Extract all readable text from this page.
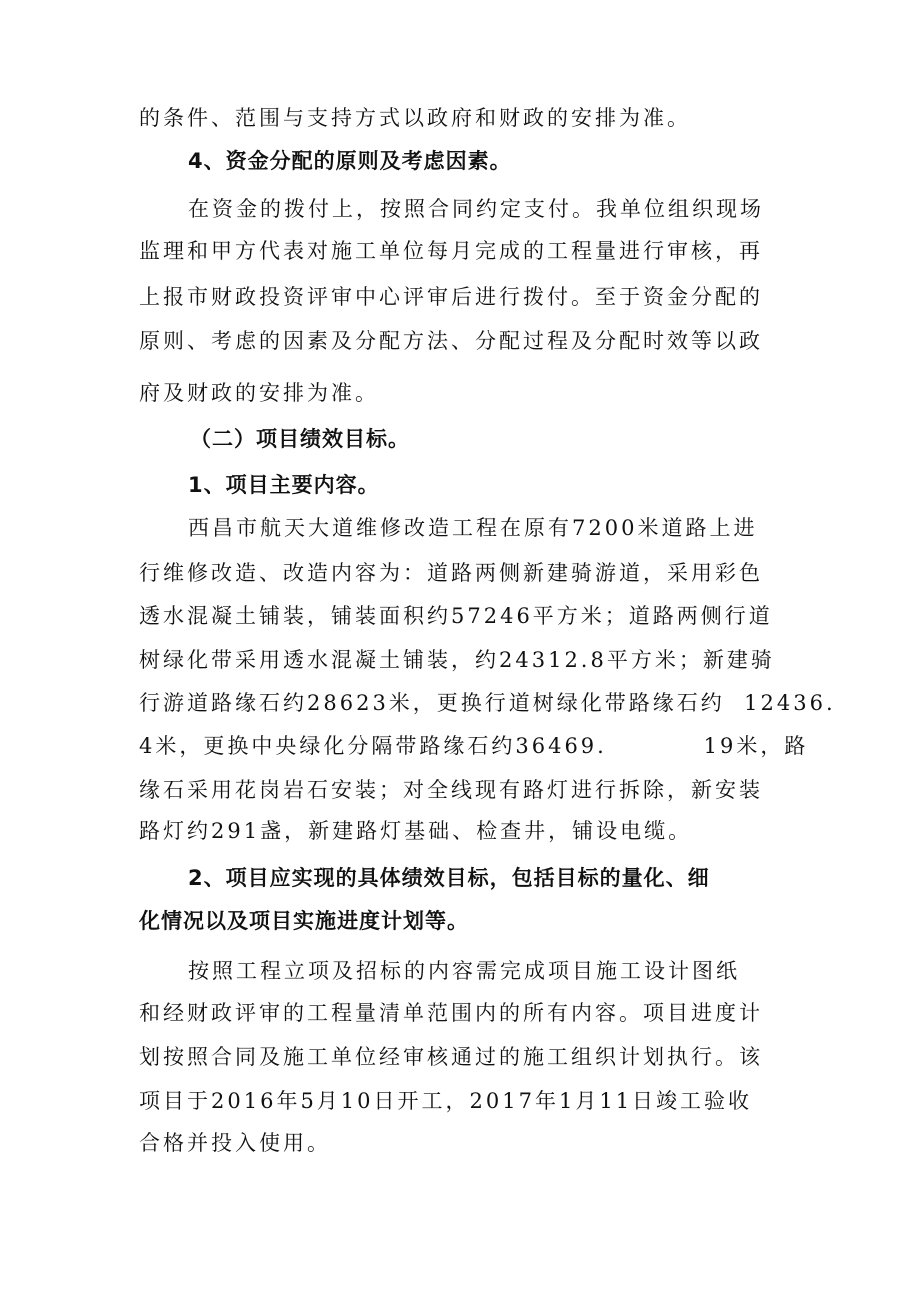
的条件、范围与支持方式以政府和财政的安排为准。
4、资金分配的原则及考虑因素。
在资金的拨付上，按照合同约定支付。我单位组织现场
监理和甲方代表对施工单位每月完成的工程量进行审核，再
上报市财政投资评审中心评审后进行拨付。至于资金分配的
原则、考虑的因素及分配方法、分配过程及分配时效等以政
府及财政的安排为准。
（二）项目绩效目标。
1、项目主要内容。
西昌市航天大道维修改造工程在原有7200米道路上进
行维修改造、改造内容为：道路两侧新建骑游道，采用彩色
透水混凝土铺装，铺装面积约57246平方米；道路两侧行道
树绿化带采用透水混凝土铺装，约24312.8平方米；新建骑
行游道路缘石约28623米，更换行道树绿化带路缘石约  12436.
4米，更换中央绿化分隔带路缘石约36469.          19米，路
缘石采用花岗岩石安装；对全线现有路灯进行拆除，新安装
路灯约291盏，新建路灯基础、检查井，铺设电缆。
2、项目应实现的具体绩效目标，包括目标的量化、细
化情况以及项目实施进度计划等。
按照工程立项及招标的内容需完成项目施工设计图纸
和经财政评审的工程量清单范围内的所有内容。项目进度计
划按照合同及施工单位经审核通过的施工组织计划执行。该
项目于2016年5月10日开工，2017年1月11日竣工验收
合格并投入使用。
